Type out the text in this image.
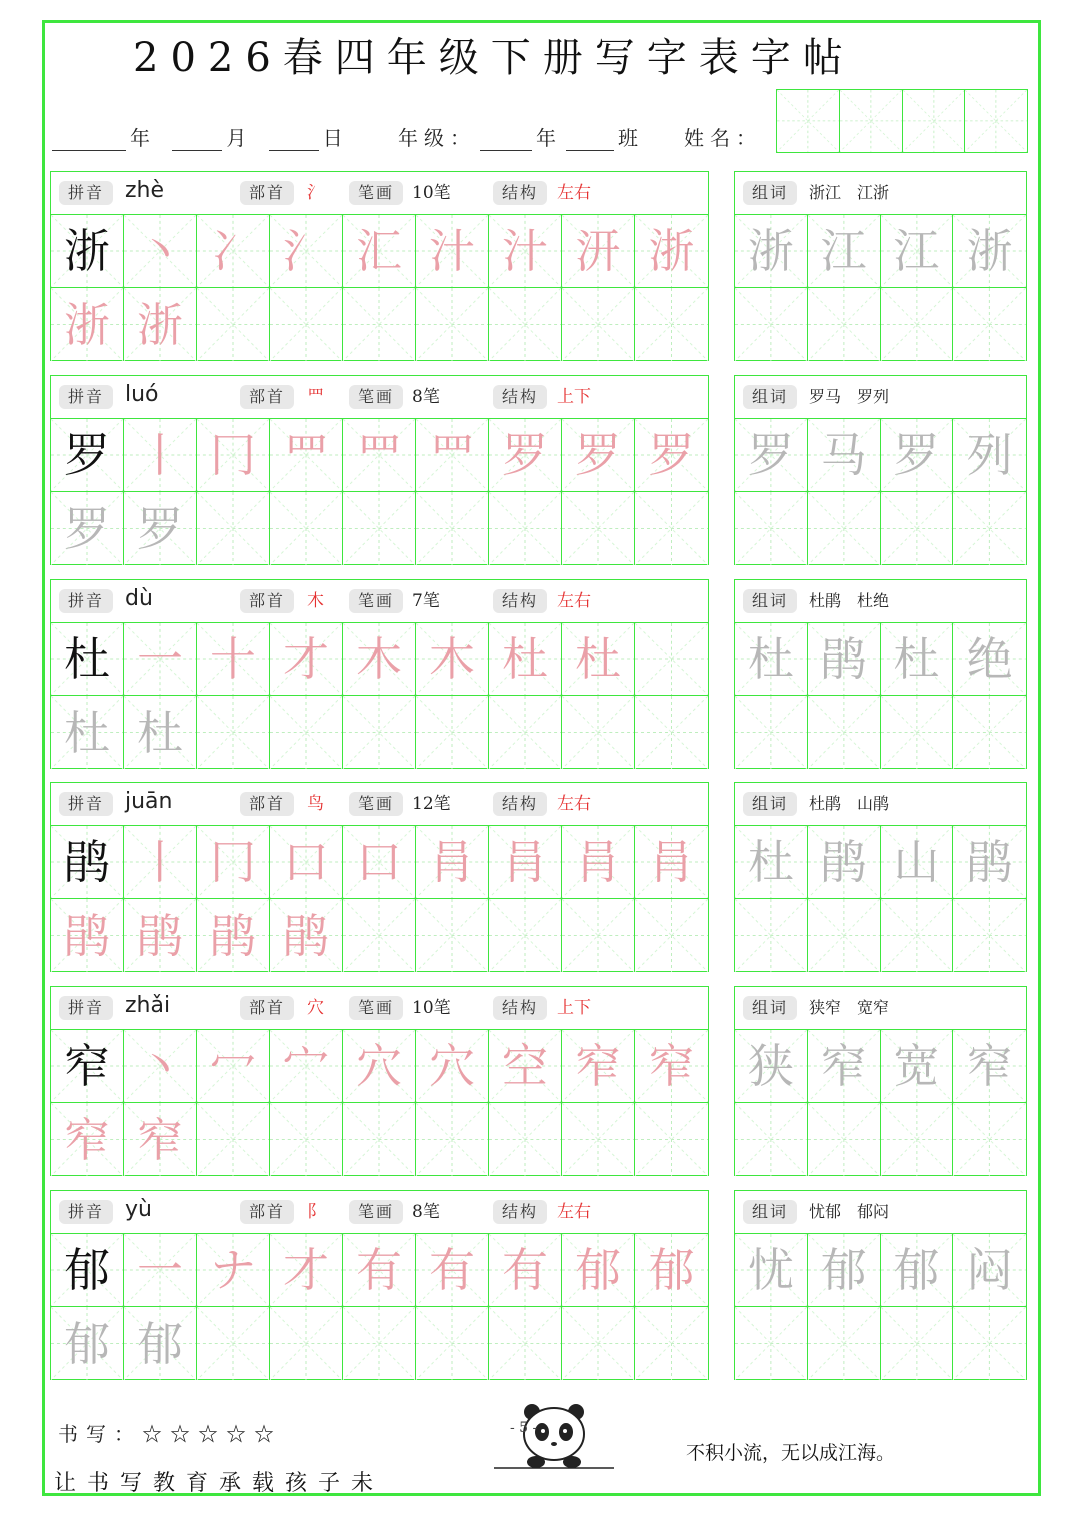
2026春四年级下册写字表字帖
年	月	日 年级：	年	班 姓名：
拼音 zhè	部首	氵	笔画	10笔	结构	左右
浙 丶 冫 氵 汇 汁 汁 汧 浙
浙 浙
组词	浙江　江浙
浙 江 江 浙
拼音 luó	部首	罒	笔画	8笔	结构	上下
罗 丨 冂 罒 罒 罒 罗 罗 罗
罗 罗
组词	罗马　罗列
罗 马 罗 列
拼音 dù	部首	木	笔画	7笔	结构	左右
杜 一 十 才 木 木 杜 杜
杜 杜
组词	杜鹃　杜绝
杜 鹃 杜 绝
拼音 juān	部首	鸟	笔画	12笔	结构	左右
鹃 丨 冂 口 口 肙 肙 肙 肙
鹃 鹃 鹃 鹃
组词	杜鹃　山鹃
杜 鹃 山 鹃
拼音 zhǎi	部首	穴	笔画	10笔	结构	上下
窄 丶 冖 宀 穴 穴 空 窄 窄
窄 窄
组词	狭窄　宽窄
狭 窄 宽 窄
拼音 yù	部首	阝	笔画	8笔	结构	左右
郁 一 ナ 才 有 有 有 郁 郁
郁 郁
组词	忧郁　郁闷
忧 郁 郁 闷
书写：☆☆☆☆☆
让书写教育承载孩子未
- 5 -
不积小流，无以成江海。
